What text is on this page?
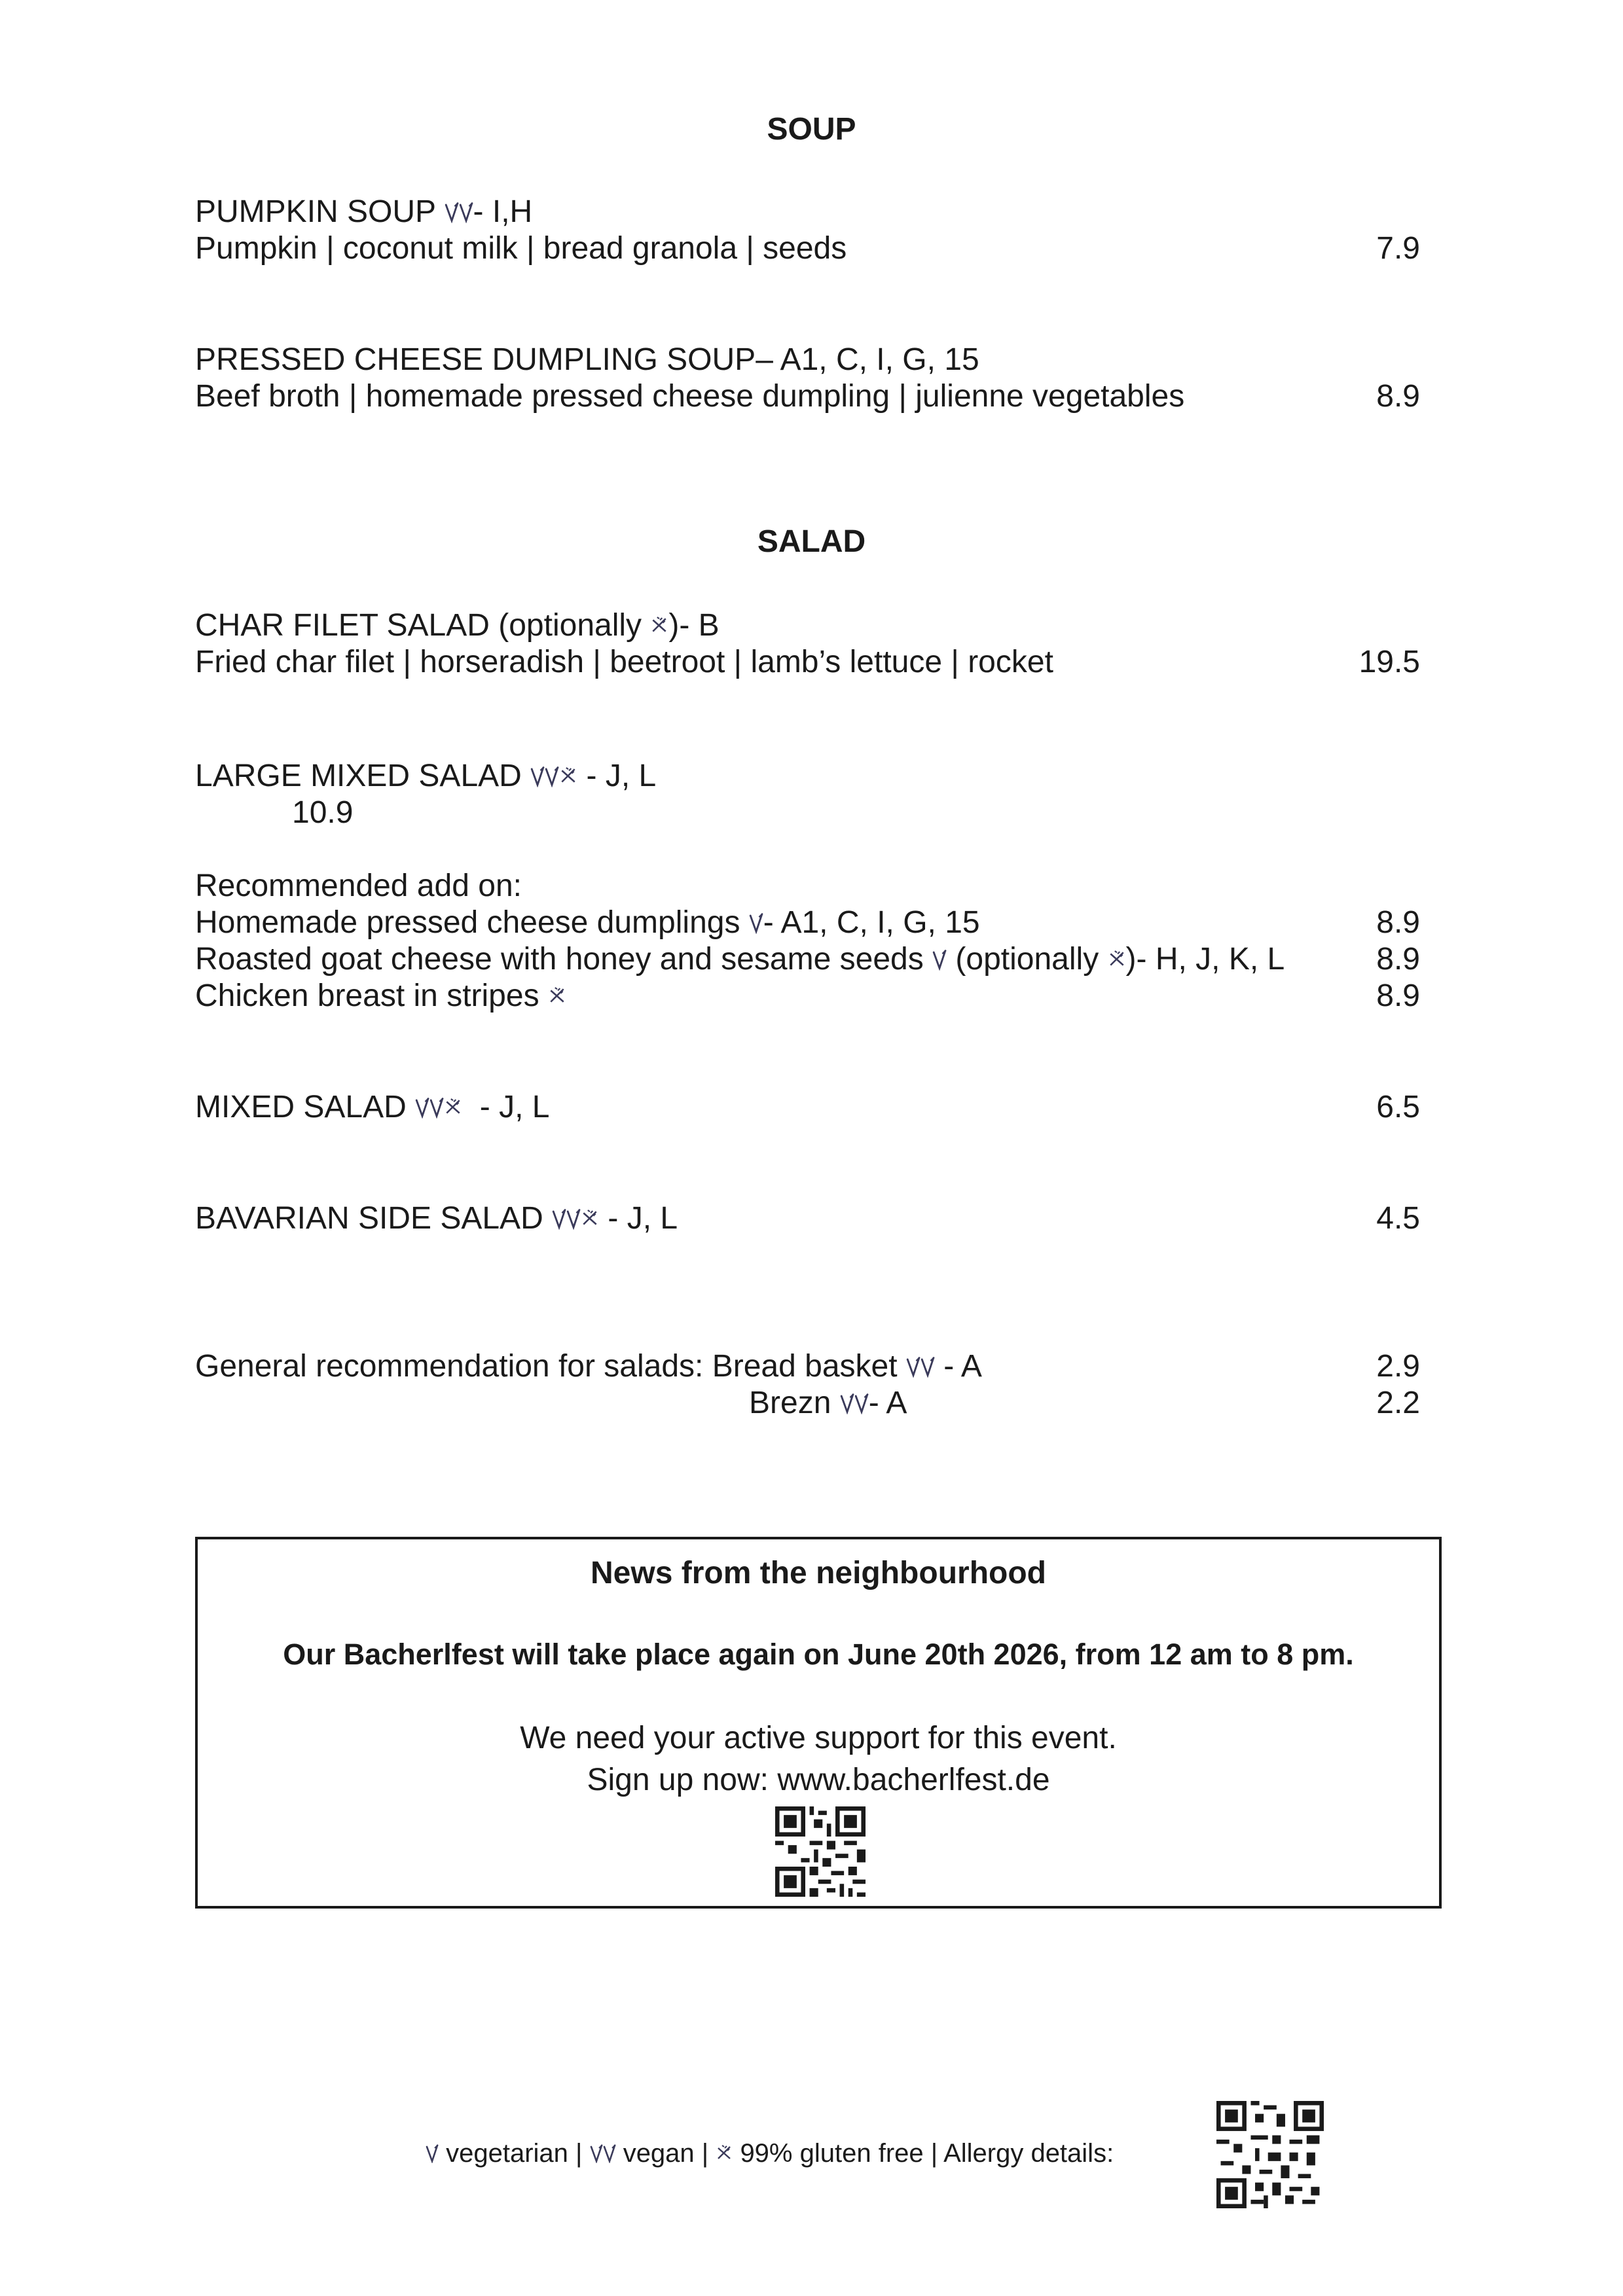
SOUP
PUMPKIN SOUP - I,H
Pumpkin | coconut milk | bread granola | seeds	7.9
PRESSED CHEESE DUMPLING SOUP– A1, C, I, G, 15
Beef broth | homemade pressed cheese dumpling | julienne vegetables	8.9
SALAD
CHAR FILET SALAD (optionally )- B
Fried char filet | horseradish | beetroot | lamb’s lettuce | rocket	19.5
LARGE MIXED SALAD  - J, L
10.9
Recommended add on:
Homemade pressed cheese dumplings - A1, C, I, G, 15	8.9
Roasted goat cheese with honey and sesame seeds  (optionally )- H, J, K, L	8.9
Chicken breast in stripes	8.9
MIXED SALAD   - J, L	6.5
BAVARIAN SIDE SALAD  - J, L	4.5
General recommendation for salads: Bread basket  - A	2.9
Brezn - A	2.2
News from the neighbourhood
Our Bacherlfest will take place again on June 20th 2026, from 12 am to 8 pm.
We need your active support for this event.
Sign up now: www.bacherlfest.de
vegetarian | vegan | 99% gluten free | Allergy details:
